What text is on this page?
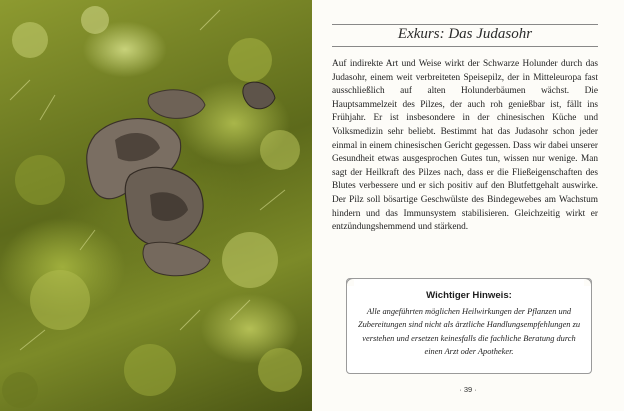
Exkurs: Das Judasohr

Auf indirekte Art und Weise wirkt der Schwarze Holunder durch das Judasohr, einem weit verbreiteten Speisepilz, der in Mitteleuropa fast ausschließlich auf alten Holunderbäumen wächst. Die Hauptsammelzeit des Pilzes, der auch roh genießbar ist, fällt ins Frühjahr. Er ist insbesondere in der chinesischen Küche und Volksmedizin sehr beliebt. Bestimmt hat das Judasohr schon jeder einmal in einem chinesischen Gericht gegessen. Dass wir dabei unserer Gesundheit etwas ausgesprochen Gutes tun, wissen nur wenige. Man sagt der Heilkraft des Pilzes nach, dass er die Fließeigenschaften des Blutes verbessere und er sich positiv auf den Blutfettgehalt auswirke. Der Pilz soll bösartige Geschwülste des Bindegewebes am Wachstum hindern und das Immunsystem stabilisieren. Gleichzeitig wirkt er entzündungshemmend und stärkend.

Wichtiger Hinweis:

Alle angeführten möglichen Heilwirkungen der Pflanzen und Zubereitungen sind nicht als ärztliche Handlungsempfehlungen zu verstehen und ersetzen keinesfalls die fachliche Beratung durch einen Arzt oder Apotheker.

· 39 ·
